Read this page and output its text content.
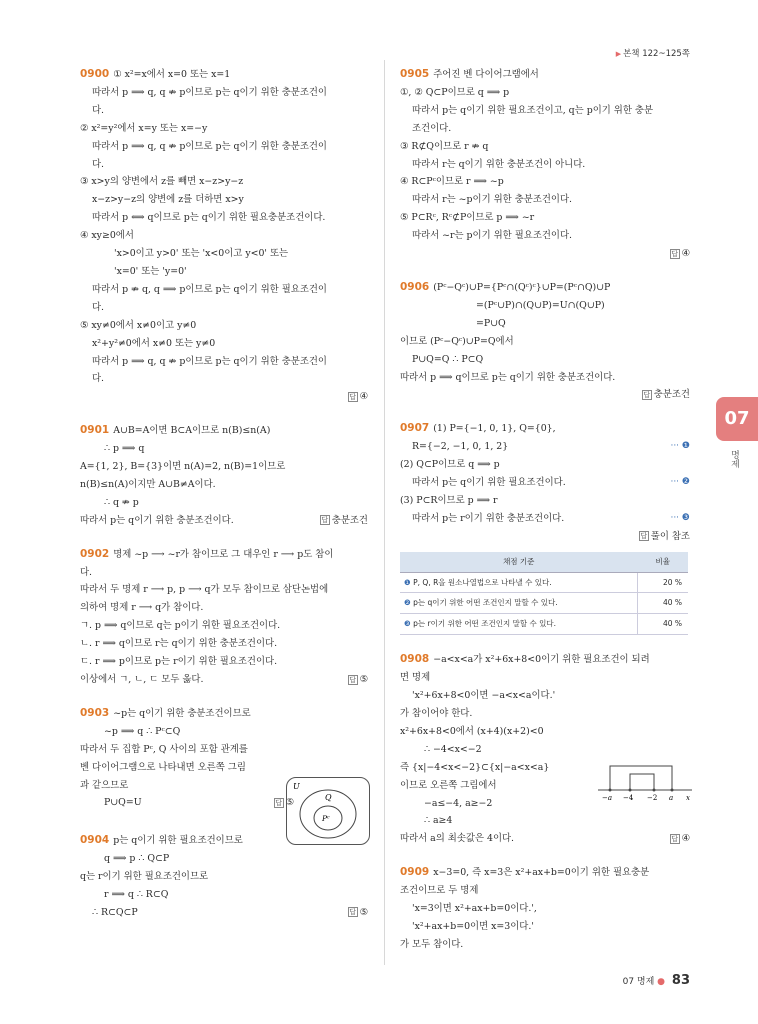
▶ 본책 122~125쪽
0900 ① x²=x에서 x=0 또는 x=1
따라서 p ⟹ q, q ⇏ p이므로 p는 q이기 위한 충분조건이
다.
② x²=y²에서 x=y 또는 x=−y
따라서 p ⟹ q, q ⇏ p이므로 p는 q이기 위한 충분조건이
다.
③ x>y의 양변에서 z를 빼면 x−z>y−z
x−z>y−z의 양변에 z를 더하면 x>y
따라서 p ⟺ q이므로 p는 q이기 위한 필요충분조건이다.
④ xy≥0에서
'x>0이고 y>0' 또는 'x<0이고 y<0' 또는
'x=0' 또는 'y=0'
따라서 p ⇏ q, q ⟹ p이므로 p는 q이기 위한 필요조건이
다.
⑤ xy≠0에서 x≠0이고 y≠0
x²+y²≠0에서 x≠0 또는 y≠0
따라서 p ⟹ q, q ⇏ p이므로 p는 q이기 위한 충분조건이
다.
답 ④
0901 A∪B=A이면 B⊂A이므로 n(B)≤n(A)
∴ p ⟹ q
A={1, 2}, B={3}이면 n(A)=2, n(B)=1이므로
n(B)≤n(A)이지만 A∪B≠A이다.
∴ q ⇏ p
따라서 p는 q이기 위한 충분조건이다.	답 충분조건
0902 명제 ~p ⟶ ~r가 참이므로 그 대우인 r ⟶ p도 참이
다.
따라서 두 명제 r ⟶ p, p ⟶ q가 모두 참이므로 삼단논법에
의하여 명제 r ⟶ q가 참이다.
ㄱ. p ⟹ q이므로 q는 p이기 위한 필요조건이다.
ㄴ. r ⟹ q이므로 r는 q이기 위한 충분조건이다.
ㄷ. r ⟹ p이므로 p는 r이기 위한 필요조건이다.
이상에서 ㄱ, ㄴ, ㄷ 모두 옳다.	답 ⑤
0903 ~p는 q이기 위한 충분조건이므로
~p ⟹ q ∴ Pᶜ⊂Q
따라서 두 집합 Pᶜ, Q 사이의 포함 관계를
벤 다이어그램으로 나타내면 오른쪽 그림
과 같으므로
P∪Q=U	답 ⑤
0904 p는 q이기 위한 필요조건이므로
q ⟹ p ∴ Q⊂P
q는 r이기 위한 필요조건이므로
r ⟹ q ∴ R⊂Q
∴ R⊂Q⊂P	답 ⑤
U
Q
Pᶜ
0905 주어진 벤 다이어그램에서
①, ② Q⊂P이므로 q ⟹ p
따라서 p는 q이기 위한 필요조건이고, q는 p이기 위한 충분
조건이다.
③ R⊄Q이므로 r ⇏ q
따라서 r는 q이기 위한 충분조건이 아니다.
④ R⊂Pᶜ이므로 r ⟹ ~p
따라서 r는 ~p이기 위한 충분조건이다.
⑤ P⊂Rᶜ, Rᶜ⊄P이므로 p ⟹ ~r
따라서 ~r는 p이기 위한 필요조건이다.
답 ④
0906 (Pᶜ−Qᶜ)∪P={Pᶜ∩(Qᶜ)ᶜ}∪P=(Pᶜ∩Q)∪P
=(Pᶜ∪P)∩(Q∪P)=U∩(Q∪P)
=P∪Q
이므로 (Pᶜ−Qᶜ)∪P=Q에서
P∪Q=Q ∴ P⊂Q
따라서 p ⟹ q이므로 p는 q이기 위한 충분조건이다.
답 충분조건
0907 (1) P={−1, 0, 1}, Q={0},
R={−2, −1, 0, 1, 2}	··· ❶
(2) Q⊂P이므로 q ⟹ p
따라서 p는 q이기 위한 필요조건이다.	··· ❷
(3) P⊂R이므로 p ⟹ r
따라서 p는 r이기 위한 충분조건이다.	··· ❸
답 풀이 참조
채점 기준	비율
❶ P, Q, R을 원소나열법으로 나타낼 수 있다.	20 %
❷ p는 q이기 위한 어떤 조건인지 말할 수 있다.	40 %
❸ p는 r이기 위한 어떤 조건인지 말할 수 있다.	40 %
0908 −a<x<a가 x²+6x+8<0이기 위한 필요조건이 되려
면 명제
'x²+6x+8<0이면 −a<x<a이다.'
가 참이어야 한다.
x²+6x+8<0에서 (x+4)(x+2)<0
∴ −4<x<−2
즉 {x|−4<x<−2}⊂{x|−a<x<a}
이므로 오른쪽 그림에서
−a≤−4, a≥−2
∴ a≥4
따라서 a의 최솟값은 4이다.	답 ④
0909 x−3=0, 즉 x=3은 x²+ax+b=0이기 위한 필요충분
조건이므로 두 명제
'x=3이면 x²+ax+b=0이다.',
'x²+ax+b=0이면 x=3이다.'
가 모두 참이다.
−a −4 −2 a x
07
명제
07 명제 ● 83
